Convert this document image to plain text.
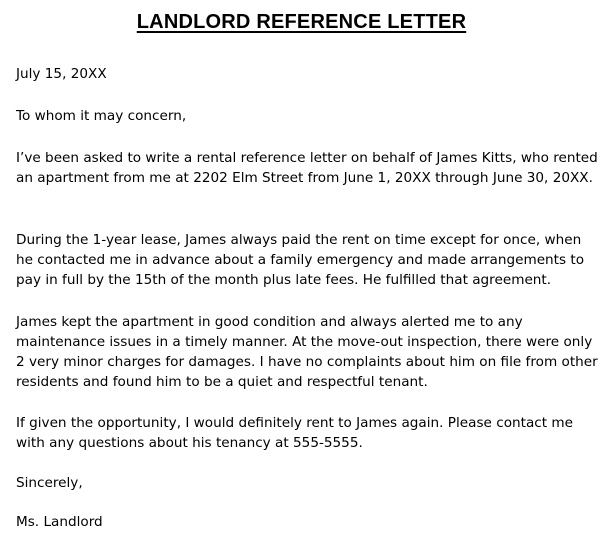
LANDLORD REFERENCE LETTER

July 15, 20XX

To whom it may concern,

I’ve been asked to write a rental reference letter on behalf of James Kitts, who rented an apartment from me at 2202 Elm Street from June 1, 20XX through June 30, 20XX.

During the 1-year lease, James always paid the rent on time except for once, when he contacted me in advance about a family emergency and made arrangements to pay in full by the 15th of the month plus late fees. He fulfilled that agreement.

James kept the apartment in good condition and always alerted me to any maintenance issues in a timely manner. At the move-out inspection, there were only 2 very minor charges for damages. I have no complaints about him on file from other residents and found him to be a quiet and respectful tenant.

If given the opportunity, I would definitely rent to James again. Please contact me with any questions about his tenancy at 555-5555.

Sincerely,

Ms. Landlord
